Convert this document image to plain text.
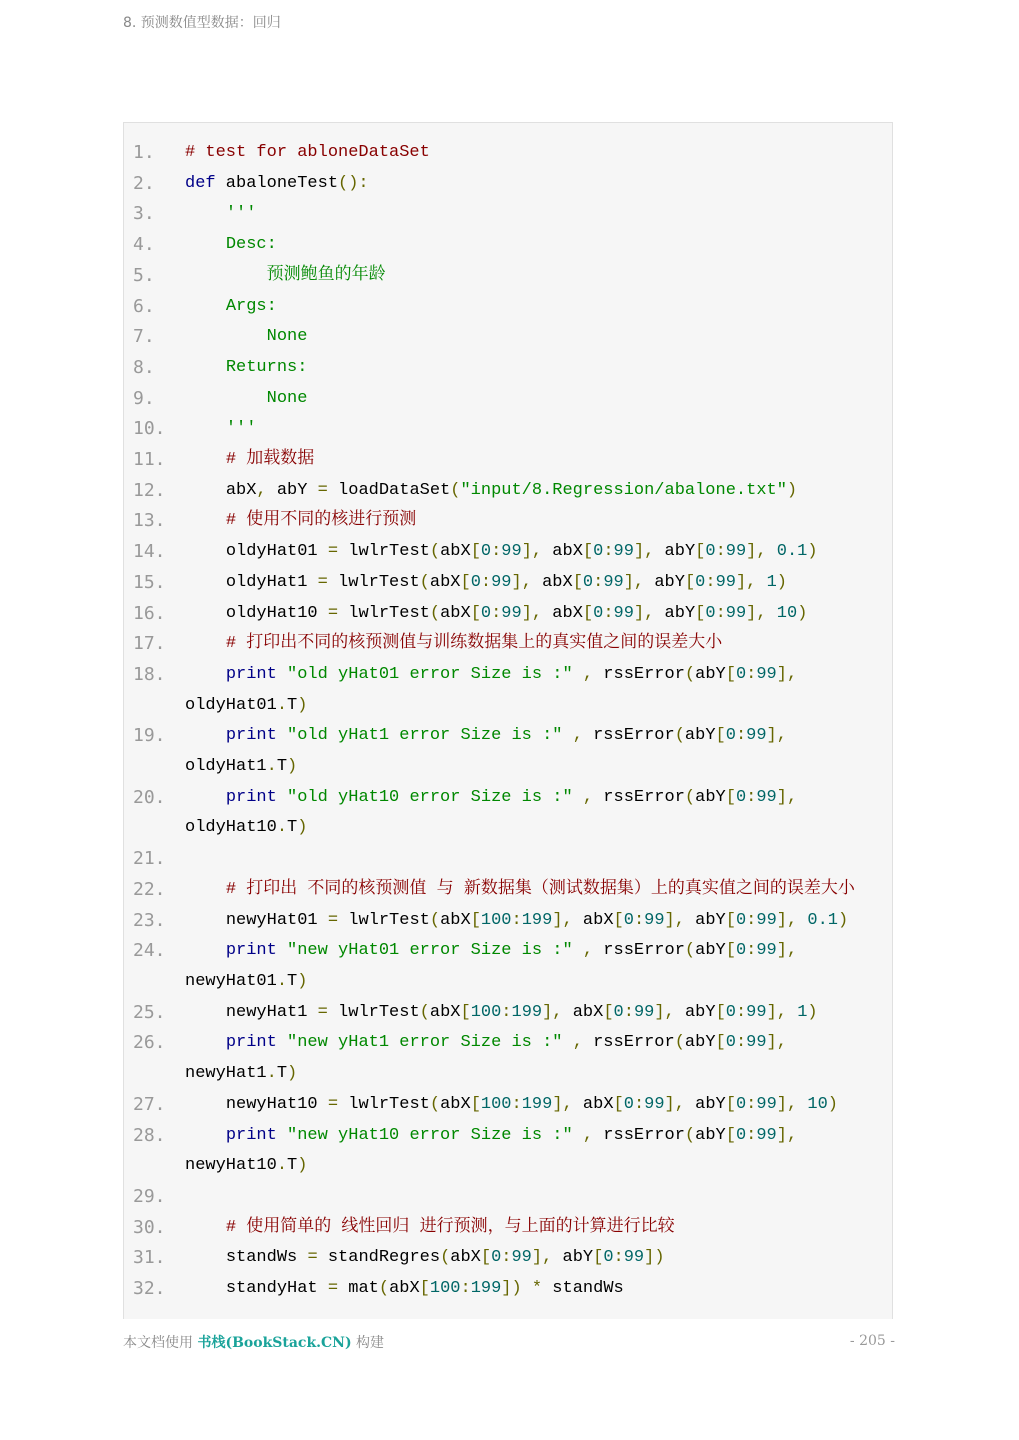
8. 预测数值型数据：回归
1.	# test for abloneDataSet
2.	def abaloneTest():
3.	'''
4.	Desc:
5.	预测鲍鱼的年龄
6.	Args:
7.	None
8.	Returns:
9.	None
10.	'''
11.	# 加载数据
12.	abX, abY = loadDataSet("input/8.Regression/abalone.txt")
13.	# 使用不同的核进行预测
14.	oldyHat01 = lwlrTest(abX[0:99], abX[0:99], abY[0:99], 0.1)
15.	oldyHat1 = lwlrTest(abX[0:99], abX[0:99], abY[0:99], 1)
16.	oldyHat10 = lwlrTest(abX[0:99], abX[0:99], abY[0:99], 10)
17.	# 打印出不同的核预测值与训练数据集上的真实值之间的误差大小
18.	print "old yHat01 error Size is :" , rssError(abY[0:99], oldyHat01.T)
19.	print "old yHat1 error Size is :" , rssError(abY[0:99], oldyHat1.T)
20.	print "old yHat10 error Size is :" , rssError(abY[0:99], oldyHat10.T)
21.

22.	# 打印出 不同的核预测值 与 新数据集（测试数据集）上的真实值之间的误差大小
23.	newyHat01 = lwlrTest(abX[100:199], abX[0:99], abY[0:99], 0.1)
24.	print "new yHat01 error Size is :" , rssError(abY[0:99], newyHat01.T)
25.	newyHat1 = lwlrTest(abX[100:199], abX[0:99], abY[0:99], 1)
26.	print "new yHat1 error Size is :" , rssError(abY[0:99], newyHat1.T)
27.	newyHat10 = lwlrTest(abX[100:199], abX[0:99], abY[0:99], 10)
28.	print "new yHat10 error Size is :" , rssError(abY[0:99], newyHat10.T)
29.

30.	# 使用简单的 线性回归 进行预测，与上面的计算进行比较
31.	standWs = standRegres(abX[0:99], abY[0:99])
32.	standyHat = mat(abX[100:199]) * standWs
本文档使用 书栈(BookStack.CN) 构建	- 205 -
